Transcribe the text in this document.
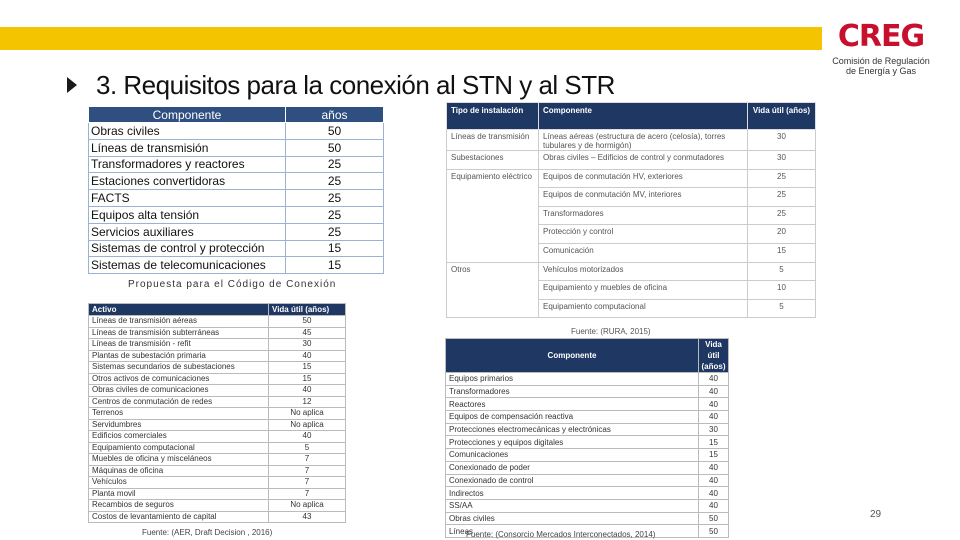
CREG
Comisión de Regulación
de Energía y Gas
3. Requisitos para la conexión al STN y al STR
Componente	años
Obras civiles	50
Líneas de transmisión	50
Transformadores y reactores	25
Estaciones convertidoras	25
FACTS	25
Equipos alta tensión	25
Servicios auxiliares	25
Sistemas de control y protección	15
Sistemas de telecomunicaciones	15
Propuesta para el Código de Conexión
Tipo de instalación	Componente	Vida útil (años)
Líneas de transmisión	Líneas aéreas (estructura de acero (celosía), torres tubulares y de hormigón)	30
Subestaciones	Obras civiles – Edificios de control y conmutadores	30
Equipamiento eléctrico	Equipos de conmutación HV, exteriores	25
	Equipos de conmutación MV, interiores	25
	Transformadores	25
	Protección y control	20
	Comunicación	15
Otros	Vehículos motorizados	5
	Equipamiento y muebles de oficina	10
	Equipamiento computacional	5
Fuente: (RURA, 2015)
Activo	Vida útil (años)
Líneas de transmisión aéreas	50
Líneas de transmisión subterráneas	45
Líneas de transmisión - refit	30
Plantas de subestación primaria	40
Sistemas secundarios de subestaciones	15
Otros activos de comunicaciones	15
Obras civiles de comunicaciones	40
Centros de conmutación de redes	12
Terrenos	No aplica
Servidumbres	No aplica
Edificios comerciales	40
Equipamiento computacional	5
Muebles de oficina y misceláneos	7
Máquinas de oficina	7
Vehículos	7
Planta movil	7
Recambios de seguros	No aplica
Costos de levantamiento de capital	43
Fuente: (AER, Draft Decision , 2016)
Componente	Vida útil (años)
Equipos primarios	40
Transformadores	40
Reactores	40
Equipos de compensación reactiva	40
Protecciones electromecánicas y electrónicas	30
Protecciones y equipos digitales	15
Comunicaciones	15
Conexionado de poder	40
Conexionado de control	40
Indirectos	40
SS/AA	40
Obras civiles	50
Líneas	50
Fuente: (Consorcio Mercados Interconectados, 2014)
29
